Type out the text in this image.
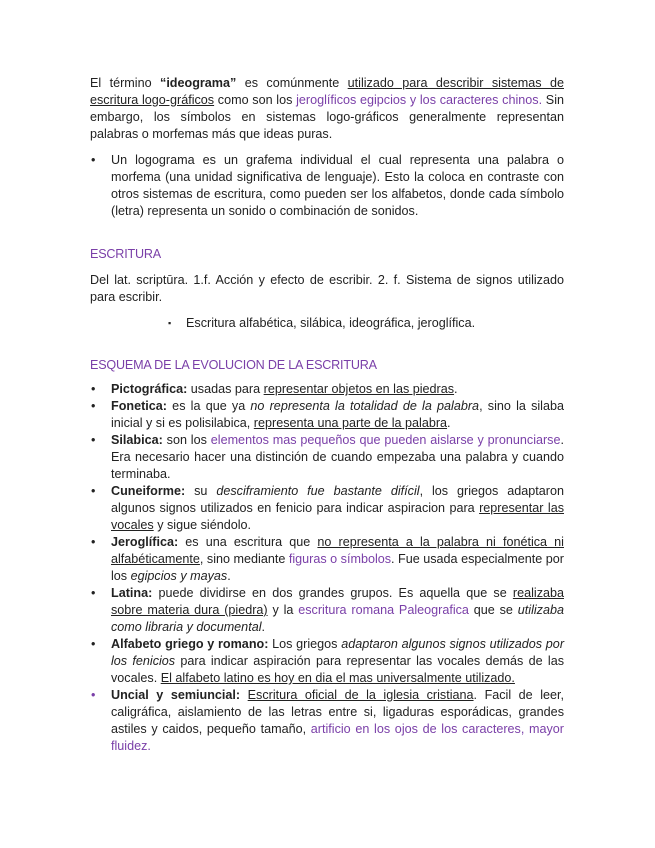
El término “ideograma” es comúnmente utilizado para describir sistemas de escritura logo-gráficos como son los jeroglíficos egipcios y los caracteres chinos. Sin embargo, los símbolos en sistemas logo-gráficos generalmente representan palabras o morfemas más que ideas puras.

• Un logograma es un grafema individual el cual representa una palabra o morfema (una unidad significativa de lenguaje). Esto la coloca en contraste con otros sistemas de escritura, como pueden ser los alfabetos, donde cada símbolo (letra) representa un sonido o combinación de sonidos.

ESCRITURA

Del lat. scriptūra. 1.f. Acción y efecto de escribir. 2. f. Sistema de signos utilizado para escribir.

▪ Escritura alfabética, silábica, ideográfica, jeroglífica.

ESQUEMA DE LA EVOLUCION DE LA ESCRITURA

• Pictográfica: usadas para representar objetos en las piedras.
• Fonetica: es la que ya no representa la totalidad de la palabra, sino la silaba inicial y si es polisilabica, representa una parte de la palabra.
• Silabica: son los elementos mas pequeños que pueden aislarse y pronunciarse. Era necesario hacer una distinción de cuando empezaba una palabra y cuando terminaba.
• Cuneiforme: su desciframiento fue bastante difícil, los griegos adaptaron algunos signos utilizados en fenicio para indicar aspiracion para representar las vocales y sigue siéndolo.
• Jeroglífica: es una escritura que no representa a la palabra ni fonética ni alfabéticamente, sino mediante figuras o símbolos. Fue usada especialmente por los egipcios y mayas.
• Latina: puede dividirse en dos grandes grupos. Es aquella que se realizaba sobre materia dura (piedra) y la escritura romana Paleografica que se utilizaba como libraria y documental.
• Alfabeto griego y romano: Los griegos adaptaron algunos signos utilizados por los fenicios para indicar aspiración para representar las vocales demás de las vocales. El alfabeto latino es hoy en dia el mas universalmente utilizado.
• Uncial y semiuncial: Escritura oficial de la iglesia cristiana. Facil de leer, caligráfica, aislamiento de las letras entre si, ligaduras esporádicas, grandes astiles y caidos, pequeño tamaño, artificio en los ojos de los caracteres, mayor fluidez.
